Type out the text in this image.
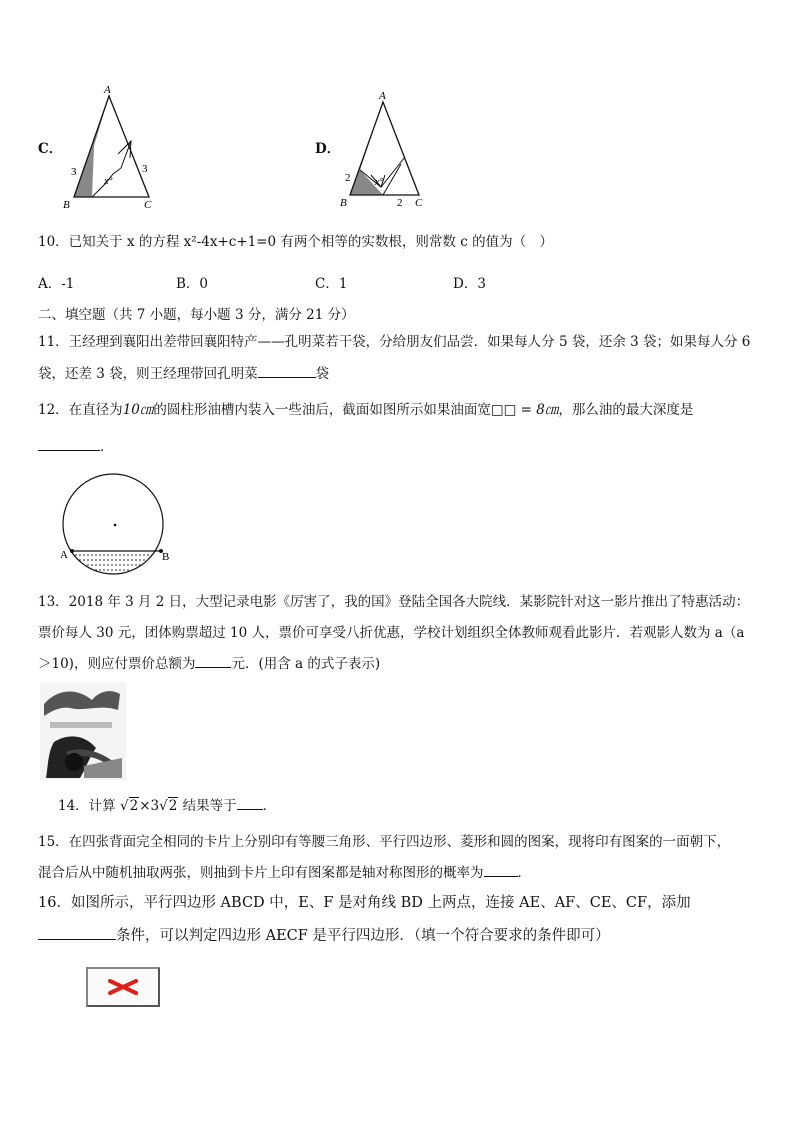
C．
A
B	C
3	3
x°
D．
A
B	C
2
2
x°
10．已知关于 x 的方程 x²-4x+c+1=0 有两个相等的实数根，则常数 c 的值为（　）
A．-1	B．0	C．1	D．3
二、填空题（共 7 小题，每小题 3 分，满分 21 分）
11．王经理到襄阳出差带回襄阳特产——孔明菜若干袋，分给朋友们品尝．如果每人分 5 袋，还余 3 袋；如果每人分 6
袋，还差 3 袋，则王经理带回孔明菜	袋
12．在直径为10㎝的圆柱形油槽内装入一些油后，截面如图所示如果油面宽□□ = 8㎝，那么油的最大深度是
．
A	B
13．2018 年 3 月 2 日，大型记录电影《厉害了，我的国》登陆全国各大院线．某影院针对这一影片推出了特惠活动：
票价每人 30 元，团体购票超过 10 人，票价可享受八折优惠，学校计划组织全体教师观看此影片．若观影人数为 a（a
＞10)，则应付票价总额为	元．(用含 a 的式子表示)
14．计算 √2×3√2 结果等于 ．
15．在四张背面完全相同的卡片上分别印有等腰三角形、平行四边形、菱形和圆的图案，现将印有图案的一面朝下，
混合后从中随机抽取两张，则抽到卡片上印有图案都是轴对称图形的概率为	．
16．如图所示，平行四边形 ABCD 中，E、F 是对角线 BD 上两点，连接 AE、AF、CE、CF，添加
条件，可以判定四边形 AECF 是平行四边形．（填一个符合要求的条件即可）
